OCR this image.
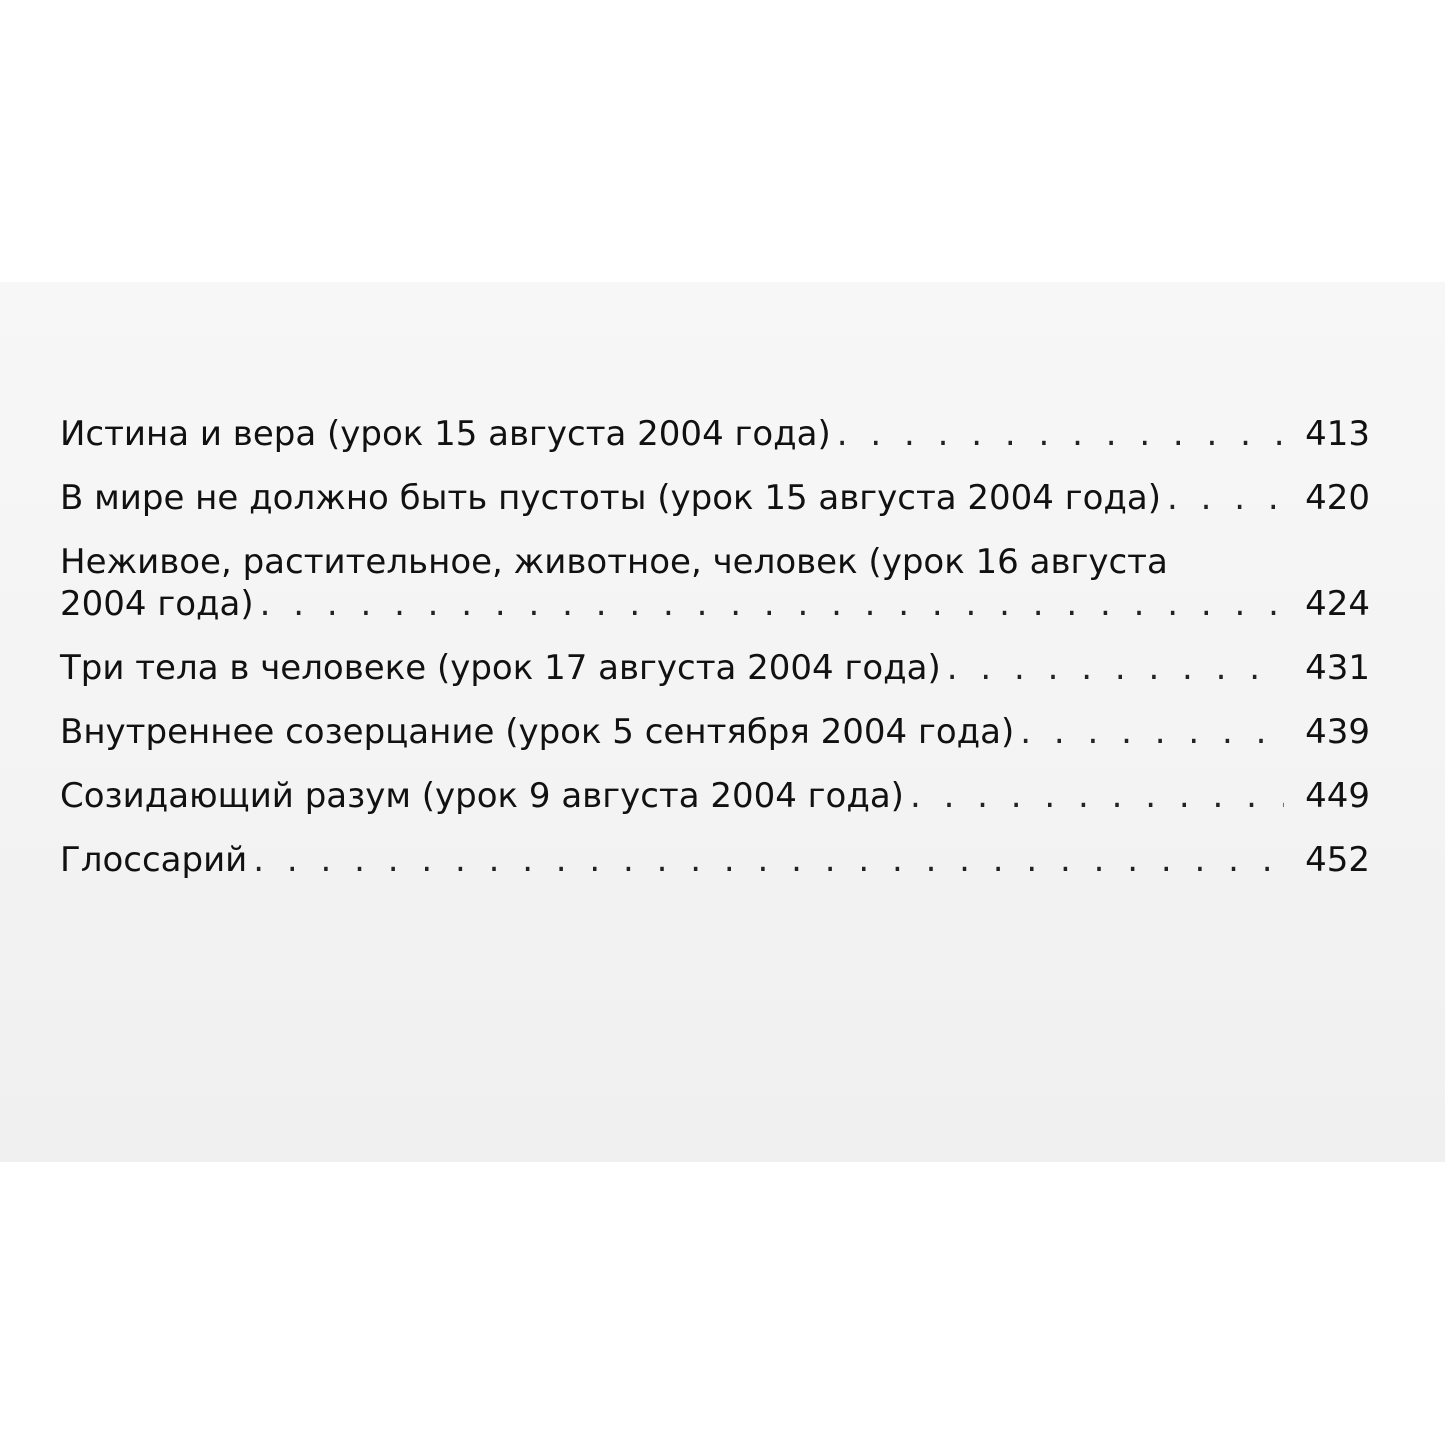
Истина и вера (урок 15 августа 2004 года) . . .	413
В мире не должно быть пустоты (урок 15 августа 2004 года) . . .	420
Неживое, растительное, животное, человек (урок 16 августа
2004 года) . . .	424
Три тела в человеке (урок 17 августа 2004 года) . . .	431
Внутреннее созерцание (урок 5 сентября 2004 года) . . .	439
Созидающий разум (урок 9 августа 2004 года) . . .	449
Глоссарий . . .	452
